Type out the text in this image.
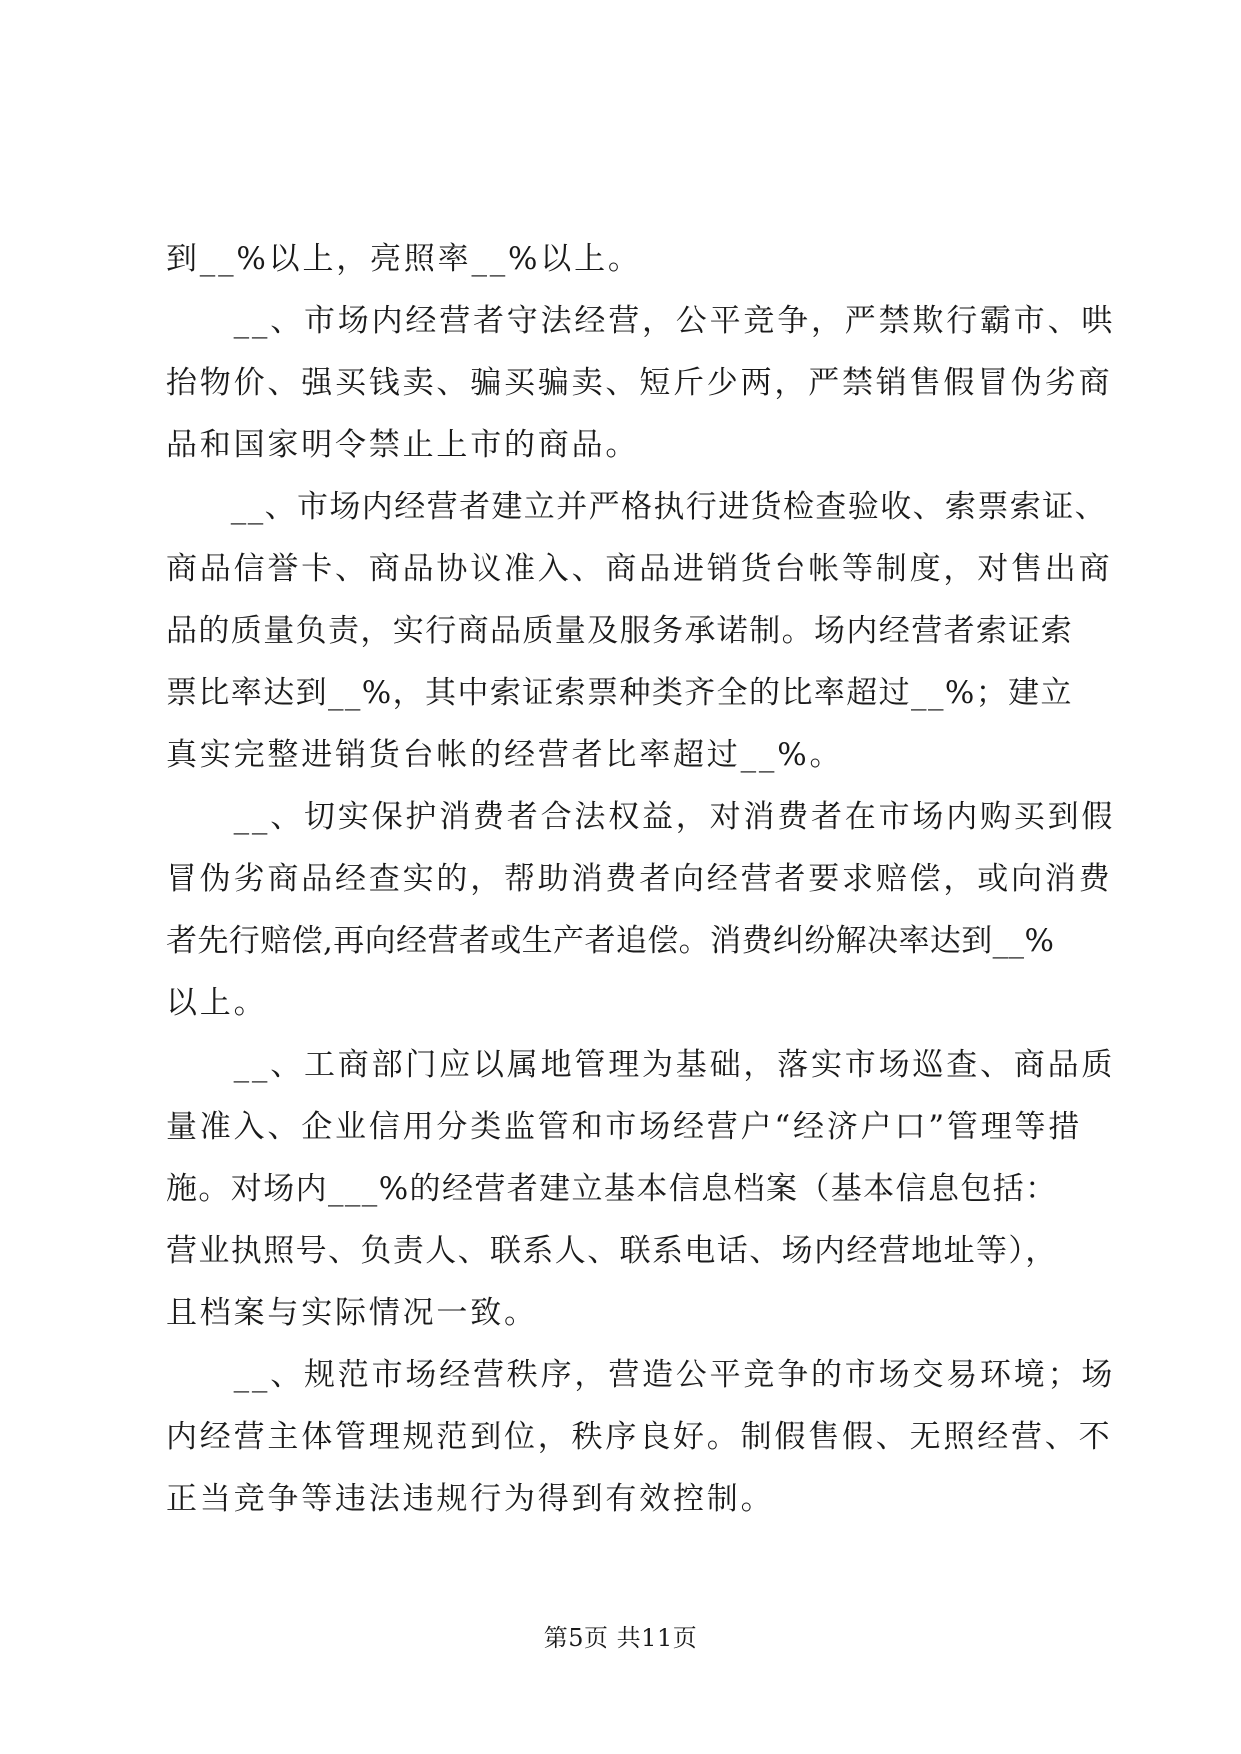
到__%以上，亮照率__%以上。
　　__、市场内经营者守法经营，公平竞争，严禁欺行霸市、哄
抬物价、强买钱卖、骗买骗卖、短斤少两，严禁销售假冒伪劣商
品和国家明令禁止上市的商品。
　　__、市场内经营者建立并严格执行进货检查验收、索票索证、
商品信誉卡、商品协议准入、商品进销货台帐等制度，对售出商
品的质量负责，实行商品质量及服务承诺制。场内经营者索证索
票比率达到__%，其中索证索票种类齐全的比率超过__%；建立
真实完整进销货台帐的经营者比率超过__%。
　　__、切实保护消费者合法权益，对消费者在市场内购买到假
冒伪劣商品经查实的，帮助消费者向经营者要求赔偿，或向消费
者先行赔偿,再向经营者或生产者追偿。消费纠纷解决率达到__%
以上。
　　__、工商部门应以属地管理为基础，落实市场巡查、商品质
量准入、企业信用分类监管和市场经营户“经济户口”管理等措
施。对场内___%的经营者建立基本信息档案（基本信息包括：
营业执照号、负责人、联系人、联系电话、场内经营地址等），
且档案与实际情况一致。
　　__、规范市场经营秩序，营造公平竞争的市场交易环境；场
内经营主体管理规范到位，秩序良好。制假售假、无照经营、不
正当竞争等违法违规行为得到有效控制。
第5页 共11页
